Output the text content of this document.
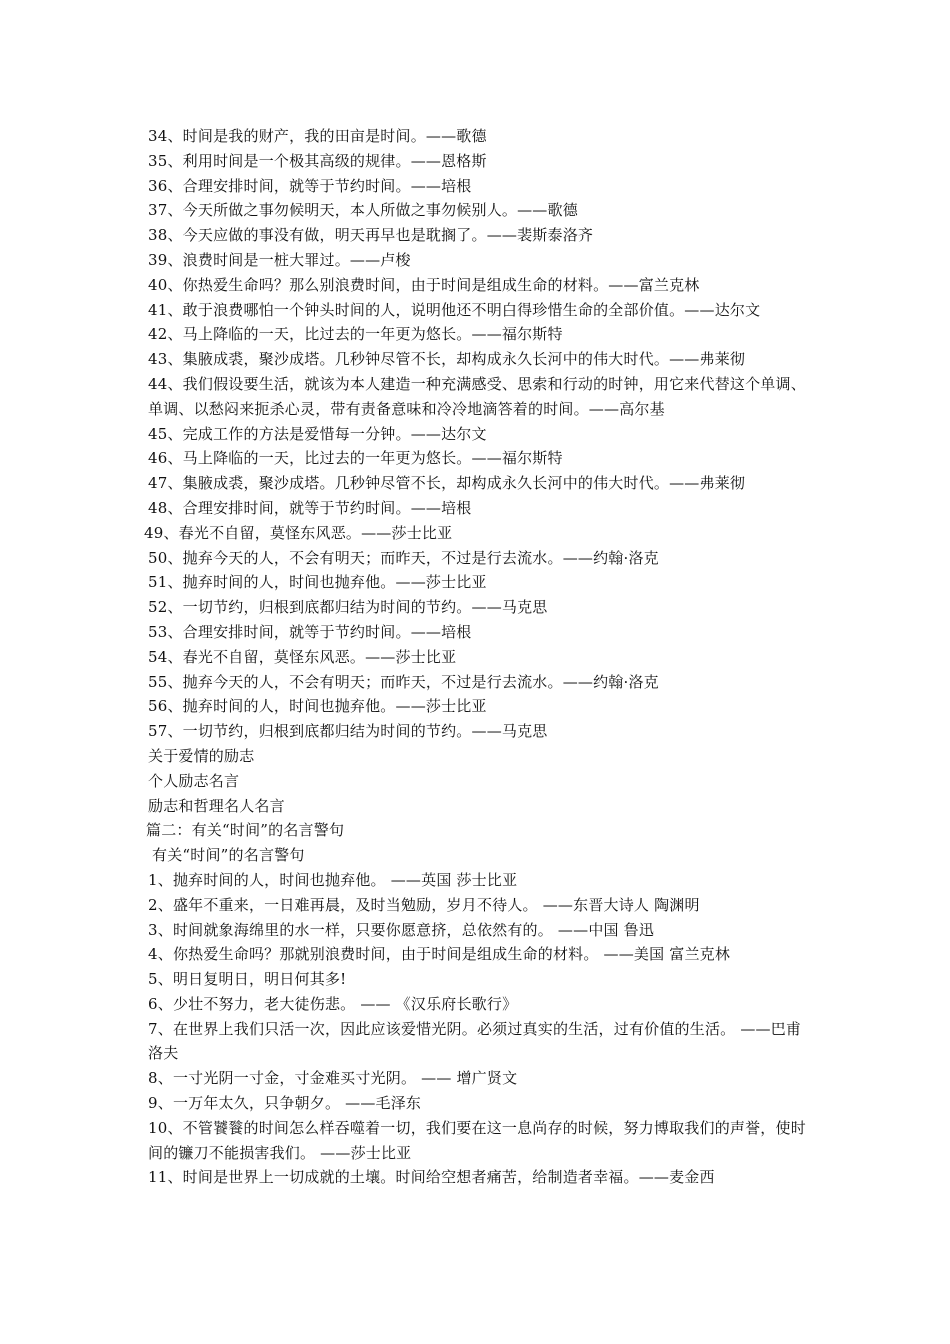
34、时间是我的财产，我的田亩是时间。——歌德
35、利用时间是一个极其高级的规律。——恩格斯
36、合理安排时间，就等于节约时间。——培根
37、今天所做之事勿候明天，本人所做之事勿候别人。——歌德
38、今天应做的事没有做，明天再早也是耽搁了。——裴斯泰洛齐
39、浪费时间是一桩大罪过。——卢梭
40、你热爱生命吗？那么别浪费时间，由于时间是组成生命的材料。——富兰克林
41、敢于浪费哪怕一个钟头时间的人，说明他还不明白得珍惜生命的全部价值。——达尔文
42、马上降临的一天，比过去的一年更为悠长。——福尔斯特
43、集腋成裘，聚沙成塔。几秒钟尽管不长，却构成永久长河中的伟大时代。——弗莱彻
44、我们假设要生活，就该为本人建造一种充满感受、思索和行动的时钟，用它来代替这个单调、单调、以愁闷来扼杀心灵，带有责备意味和冷冷地滴答着的时间。——高尔基
45、完成工作的方法是爱惜每一分钟。——达尔文
46、马上降临的一天，比过去的一年更为悠长。——福尔斯特
47、集腋成裘，聚沙成塔。几秒钟尽管不长，却构成永久长河中的伟大时代。——弗莱彻
48、合理安排时间，就等于节约时间。——培根
49、春光不自留，莫怪东风恶。——莎士比亚
50、抛弃今天的人，不会有明天；而昨天，不过是行去流水。——约翰·洛克
51、抛弃时间的人，时间也抛弃他。——莎士比亚
52、一切节约，归根到底都归结为时间的节约。——马克思
53、合理安排时间，就等于节约时间。——培根
54、春光不自留，莫怪东风恶。——莎士比亚
55、抛弃今天的人，不会有明天；而昨天，不过是行去流水。——约翰·洛克
56、抛弃时间的人，时间也抛弃他。——莎士比亚
57、一切节约，归根到底都归结为时间的节约。——马克思
关于爱情的励志
个人励志名言
励志和哲理名人名言
篇二：有关“时间”的名言警句
有关“时间”的名言警句
1、抛弃时间的人，时间也抛弃他。 ——英国 莎士比亚
2、盛年不重来，一日难再晨，及时当勉励，岁月不待人。 ——东晋大诗人 陶渊明
3、时间就象海绵里的水一样，只要你愿意挤，总依然有的。 ——中国 鲁迅
4、你热爱生命吗？那就别浪费时间，由于时间是组成生命的材料。 ——美国 富兰克林
5、明日复明日，明日何其多!
6、少壮不努力，老大徒伤悲。 —— 《汉乐府长歌行》
7、在世界上我们只活一次，因此应该爱惜光阴。必须过真实的生活，过有价值的生活。 ——巴甫洛夫
8、一寸光阴一寸金，寸金难买寸光阴。 —— 增广贤文
9、一万年太久，只争朝夕。 ——毛泽东
10、不管饕餮的时间怎么样吞噬着一切，我们要在这一息尚存的时候，努力博取我们的声誉，使时间的镰刀不能损害我们。 ——莎士比亚
11、时间是世界上一切成就的土壤。时间给空想者痛苦，给制造者幸福。——麦金西
